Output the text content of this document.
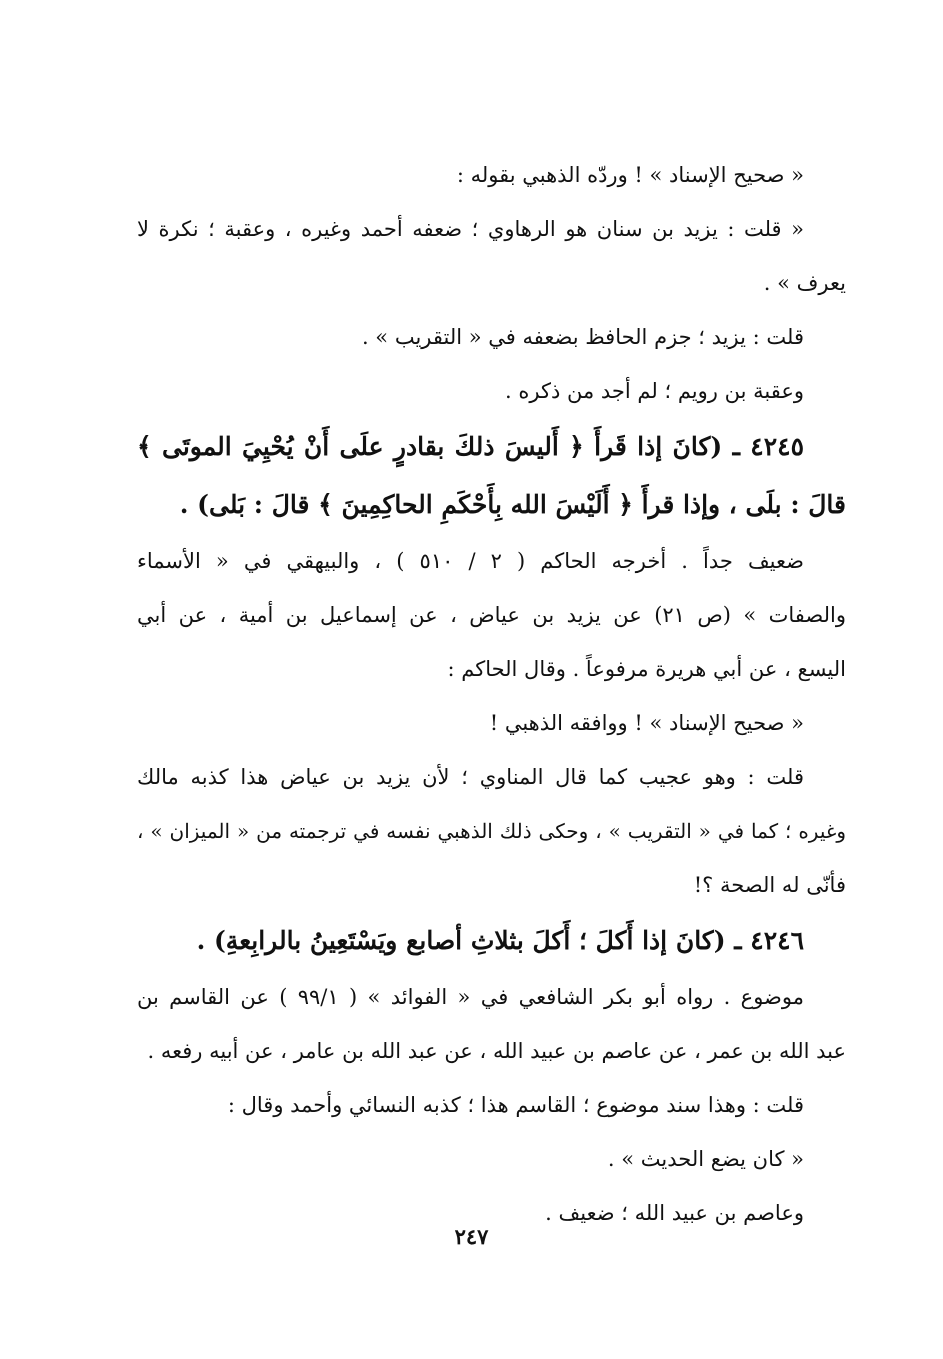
« صحيح الإسناد » ! وردّه الذهبي بقوله :
« قلت : يزيد بن سنان هو الرهاوي ؛ ضعفه أحمد وغيره ، وعقبة ؛ نكرة لا
يعرف » .
قلت : يزيد ؛ جزم الحافظ بضعفه في « التقريب » .
وعقبة بن رويم ؛ لم أجد من ذكره .
٤٢٤٥ ـ (كانَ إذا قَرأَ ﴿ أَليسَ ذلكَ بقادرٍ علَى أَنْ يُحْيِيَ الموتَى ﴾
قالَ : بلَى ، وإذا قرأَ ﴿ أَلَيْسَ الله بِأَحْكَمِ الحاكِمِينَ ﴾ قالَ : بَلى) .
ضعيف جداً . أخرجه الحاكم ( ٢ / ٥١٠ ) ، والبيهقي في « الأسماء
والصفات » (ص ٢١) عن يزيد بن عياض ، عن إسماعيل بن أمية ، عن أبي
اليسع ، عن أبي هريرة مرفوعاً . وقال الحاكم :
« صحيح الإسناد » ! ووافقه الذهبي !
قلت : وهو عجيب كما قال المناوي ؛ لأن يزيد بن عياض هذا كذبه مالك
وغيره ؛ كما في « التقريب » ، وحكى ذلك الذهبي نفسه في ترجمته من « الميزان » ،
فأنّى له الصحة ؟!
٤٢٤٦ ـ (كانَ إذا أَكلَ ؛ أَكلَ بثلاثِ أصابع ويَسْتَعِينُ بالرابِعةِ) .
موضوع . رواه أبو بكر الشافعي في « الفوائد » ( ٩٩/١ ) عن القاسم بن
عبد الله بن عمر ، عن عاصم بن عبيد الله ، عن عبد الله بن عامر ، عن أبيه رفعه .
قلت : وهذا سند موضوع ؛ القاسم هذا ؛ كذبه النسائي وأحمد وقال :
« كان يضع الحديث » .
وعاصم بن عبيد الله ؛ ضعيف .
٢٤٧
